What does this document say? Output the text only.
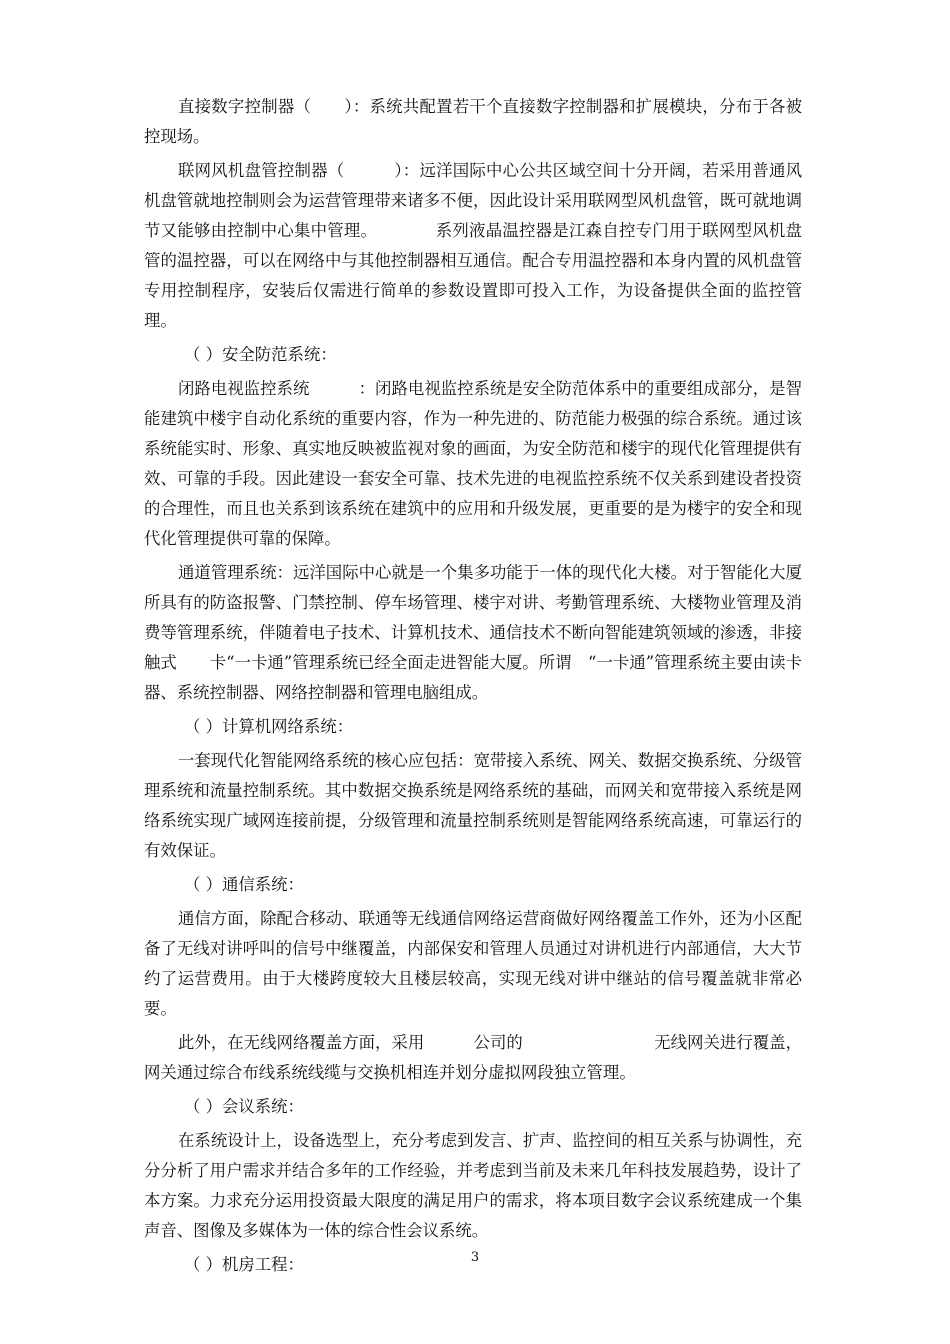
直接数字控制器（　　）：系统共配置若干个直接数字控制器和扩展模块，分布于各被控现场。

联网风机盘管控制器（　　　）：远洋国际中心公共区域空间十分开阔，若采用普通风机盘管就地控制则会为运营管理带来诸多不便，因此设计采用联网型风机盘管，既可就地调节又能够由控制中心集中管理。　　　　系列液晶温控器是江森自控专门用于联网型风机盘管的温控器，可以在网络中与其他控制器相互通信。配合专用温控器和本身内置的风机盘管专用控制程序，安装后仅需进行简单的参数设置即可投入工作，为设备提供全面的监控管理。

（ ）安全防范系统：

闭路电视监控系统　　　：闭路电视监控系统是安全防范体系中的重要组成部分，是智能建筑中楼宇自动化系统的重要内容，作为一种先进的、防范能力极强的综合系统。通过该系统能实时、形象、真实地反映被监视对象的画面，为安全防范和楼宇的现代化管理提供有效、可靠的手段。因此建设一套安全可靠、技术先进的电视监控系统不仅关系到建设者投资的合理性，而且也关系到该系统在建筑中的应用和升级发展，更重要的是为楼宇的安全和现代化管理提供可靠的保障。

通道管理系统：远洋国际中心就是一个集多功能于一体的现代化大楼。对于智能化大厦所具有的防盗报警、门禁控制、停车场管理、楼宇对讲、考勤管理系统、大楼物业管理及消费等管理系统，伴随着电子技术、计算机技术、通信技术不断向智能建筑领域的渗透，非接触式　　卡“一卡通”管理系统已经全面走进智能大厦。所谓　“一卡通”管理系统主要由读卡器、系统控制器、网络控制器和管理电脑组成。

（ ）计算机网络系统：

一套现代化智能网络系统的核心应包括：宽带接入系统、网关、数据交换系统、分级管理系统和流量控制系统。其中数据交换系统是网络系统的基础，而网关和宽带接入系统是网络系统实现广域网连接前提，分级管理和流量控制系统则是智能网络系统高速，可靠运行的有效保证。

（ ）通信系统：

通信方面，除配合移动、联通等无线通信网络运营商做好网络覆盖工作外，还为小区配备了无线对讲呼叫的信号中继覆盖，内部保安和管理人员通过对讲机进行内部通信，大大节约了运营费用。由于大楼跨度较大且楼层较高，实现无线对讲中继站的信号覆盖就非常必要。

此外，在无线网络覆盖方面，采用　　　公司的　　　　　　　　无线网关进行覆盖，网关通过综合布线系统线缆与交换机相连并划分虚拟网段独立管理。

（ ）会议系统：

在系统设计上，设备选型上，充分考虑到发言、扩声、监控间的相互关系与协调性，充分分析了用户需求并结合多年的工作经验，并考虑到当前及未来几年科技发展趋势，设计了本方案。力求充分运用投资最大限度的满足用户的需求，将本项目数字会议系统建成一个集声音、图像及多媒体为一体的综合性会议系统。

（ ）机房工程：	3
